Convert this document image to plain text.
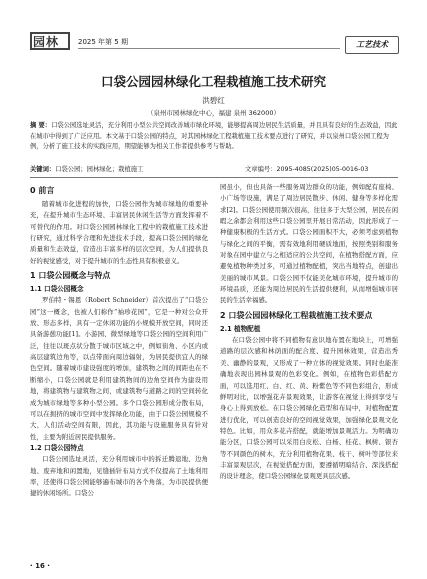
园林	2025 年第 5 期	工艺技术
口袋公园园林绿化工程栽植施工技术研究
洪碧红
（泉州市园林绿化中心，福建 泉州 362000）
摘 要：口袋公园选址灵活，充分利用小型公共空间改善城市绿化环境，能够提高周边居民生活质量，并且具有良好的生态效益，因此在城市中得到了广泛应用。本文基于口袋公园的特点，对其园林绿化工程栽植施工技术要点进行了研究，并以泉州口袋公园工程为例，分析了施工技术的实践应用，期望能够为相关工作者提供参考与帮助。
关键词：口袋公园；园林绿化；栽植施工	文章编号：2095-4085(2025)05-0016-03
0 前言

随着城市化进程的加快，口袋公园作为城市绿地的重要补充，在提升城市生态环境、丰富居民休闲生活等方面发挥着不可替代的作用。对口袋公园园林绿化工程中的栽植施工技术进行研究，通过科学合理和先进技术手段，提高口袋公园的绿化质量和生态效益，营造出丰富多样的层次空间，为人们提供良好的视觉感受，对于提升城市的生态性具有积极意义。

1 口袋公园概念与特点
1.1 口袋公园概念

罗伯特・锡恩（Robert Schneider）首次提出了“口袋公园”这一概念，也被人们称作“袖珍花园”，它是一种对公众开放、形态多样，具有一定休闲功能的小规模开放空间，同时还具备游憩功能[1]。小游园、微型绿地等口袋公园的空间利用广泛，往往以斑点状分散于城市区域之中，例如街角、小区内或高层建筑边角等，以点带面向周边辐射，为居民提供宜人的绿色空间。随着城市建设强度的增加，建筑物之间的间距也在不断缩小，口袋公园就是利用建筑物间的边角空间作为建设用地，将建筑物与建筑物之间，或建筑物与道路之间的空间转化成为城市绿地等多种小型公园。多个口袋公园形成分散布局，可以在拥挤的城市空间中发挥绿化功能，由于口袋公园规模不大，人们活动空间有限，因此，其功能与设施服务具有针对性，主要为附近居民提供服务。

1.2 口袋公园特点

口袋公园选址灵活，充分利用城市中的拆迁腾退地、边角地、废弃地和闲置地，见缝插针布局方式不仅提高了土地利用率，还使得口袋公园能够遍布城市的各个角落，为市民提供便捷的休闲场所。口袋公

园虽小，但也具备一些服务周边群众的功能，例如配有座椅、小广场等设施，满足了周边居民散步、休闲、健身等多样化需求[2]。口袋公园使用频次很高，往往多于大型公园，居民在闲暇之余都会利用这些口袋公园里开展日常活动，因此形成了一种健康积极的生活方式。口袋公园面积不大，必须考虑到植物与绿化之间的平衡，需有效地利用硬质地面，按照类别和服务对象在园中建立与之相适应的公共空间，在植物搭配方面，应避免植物种类过多，可通过植物配植，突出当地特点，创建出美丽的城市风景。口袋公园不仅能美化城市环境，提升城市的环境品质，还能为周边居民的生活提供便利，从而增强城市居民的生活幸福感。

2 口袋公园园林绿化工程栽植施工技术要点
2.1 植物配植

在口袋公园中将不同植物有意识地布置在地块上，可增强道路的层次感和林荫面的配合度、提升园林效果，营造出秀美、幽静的景观，又形成了一种立体的视觉效果。同时也能准确地表现出园林景观的色彩变化。例如，在植物色彩搭配方面，可以选用红、白、红、黄、粉紫色等不同色彩组合，形成鲜明对比，以增强花卉景观效果，让游客在视觉上得到享受与身心上得到放松。在口袋公园绿化造型和布局中，对植物配置进行优化，可以创造良好的空间视觉效果，加强绿化景观文化特色。比如，用众多花卉搭配，就能增加景观活力。为明确功能分区，口袋公园可以采用白皮松、白杨、桂花、枫树、银杏等不同颜色的树木，充分利用植物花果、枝干、树叶等部位来丰富景观层次，在视觉搭配方面，要遵循明暗结合、深浅搭配的设计理念，使口袋公园绿化景观更具层次感。

· 16 ·
